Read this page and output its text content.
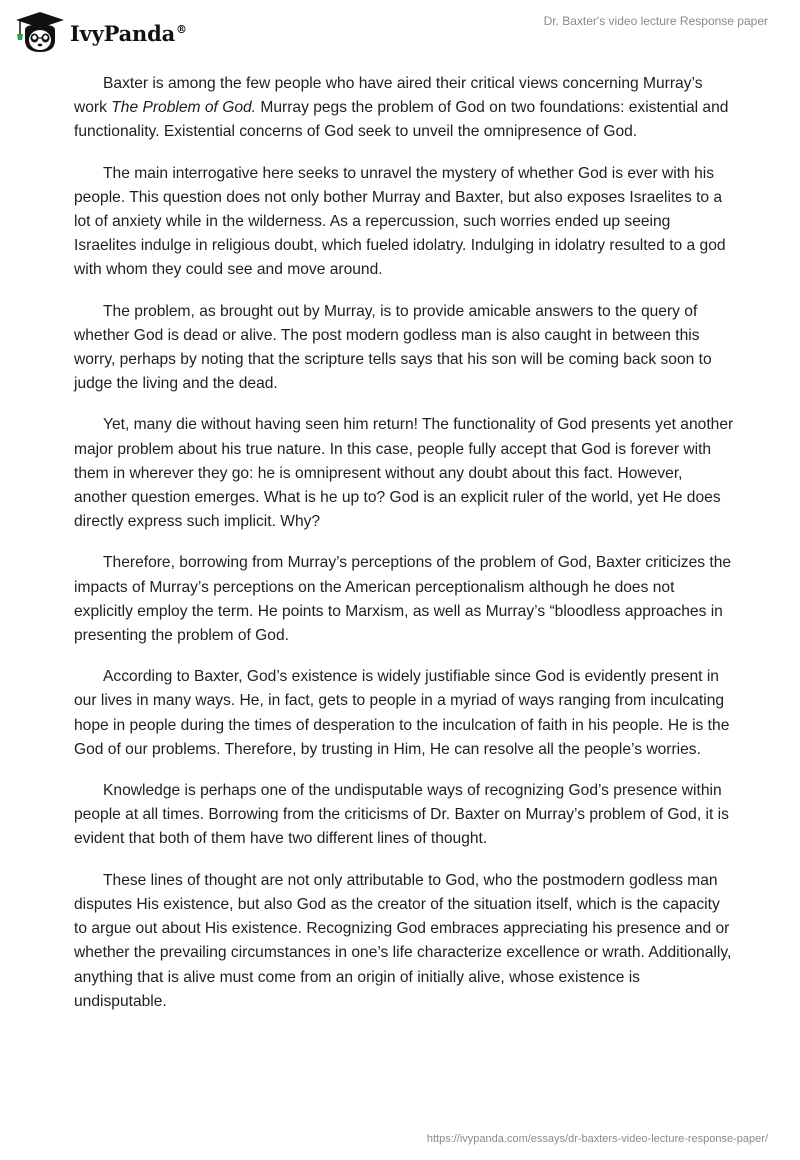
IvyPanda®
Dr. Baxter's video lecture Response paper

Baxter is among the few people who have aired their critical views concerning Murray’s work The Problem of God. Murray pegs the problem of God on two foundations: existential and functionality. Existential concerns of God seek to unveil the omnipresence of God.

The main interrogative here seeks to unravel the mystery of whether God is ever with his people. This question does not only bother Murray and Baxter, but also exposes Israelites to a lot of anxiety while in the wilderness. As a repercussion, such worries ended up seeing Israelites indulge in religious doubt, which fueled idolatry. Indulging in idolatry resulted to a god with whom they could see and move around.

The problem, as brought out by Murray, is to provide amicable answers to the query of whether God is dead or alive. The post modern godless man is also caught in between this worry, perhaps by noting that the scripture tells says that his son will be coming back soon to judge the living and the dead.

Yet, many die without having seen him return! The functionality of God presents yet another major problem about his true nature. In this case, people fully accept that God is forever with them in wherever they go: he is omnipresent without any doubt about this fact. However, another question emerges. What is he up to? God is an explicit ruler of the world, yet He does directly express such implicit. Why?

Therefore, borrowing from Murray’s perceptions of the problem of God, Baxter criticizes the impacts of Murray’s perceptions on the American perceptionalism although he does not explicitly employ the term. He points to Marxism, as well as Murray’s “bloodless approaches in presenting the problem of God.

According to Baxter, God’s existence is widely justifiable since God is evidently present in our lives in many ways. He, in fact, gets to people in a myriad of ways ranging from inculcating hope in people during the times of desperation to the inculcation of faith in his people. He is the God of our problems. Therefore, by trusting in Him, He can resolve all the people’s worries.

Knowledge is perhaps one of the undisputable ways of recognizing God’s presence within people at all times. Borrowing from the criticisms of Dr. Baxter on Murray’s problem of God, it is evident that both of them have two different lines of thought.

These lines of thought are not only attributable to God, who the postmodern godless man disputes His existence, but also God as the creator of the situation itself, which is the capacity to argue out about His existence. Recognizing God embraces appreciating his presence and or whether the prevailing circumstances in one’s life characterize excellence or wrath. Additionally, anything that is alive must come from an origin of initially alive, whose existence is undisputable.

https://ivypanda.com/essays/dr-baxters-video-lecture-response-paper/
